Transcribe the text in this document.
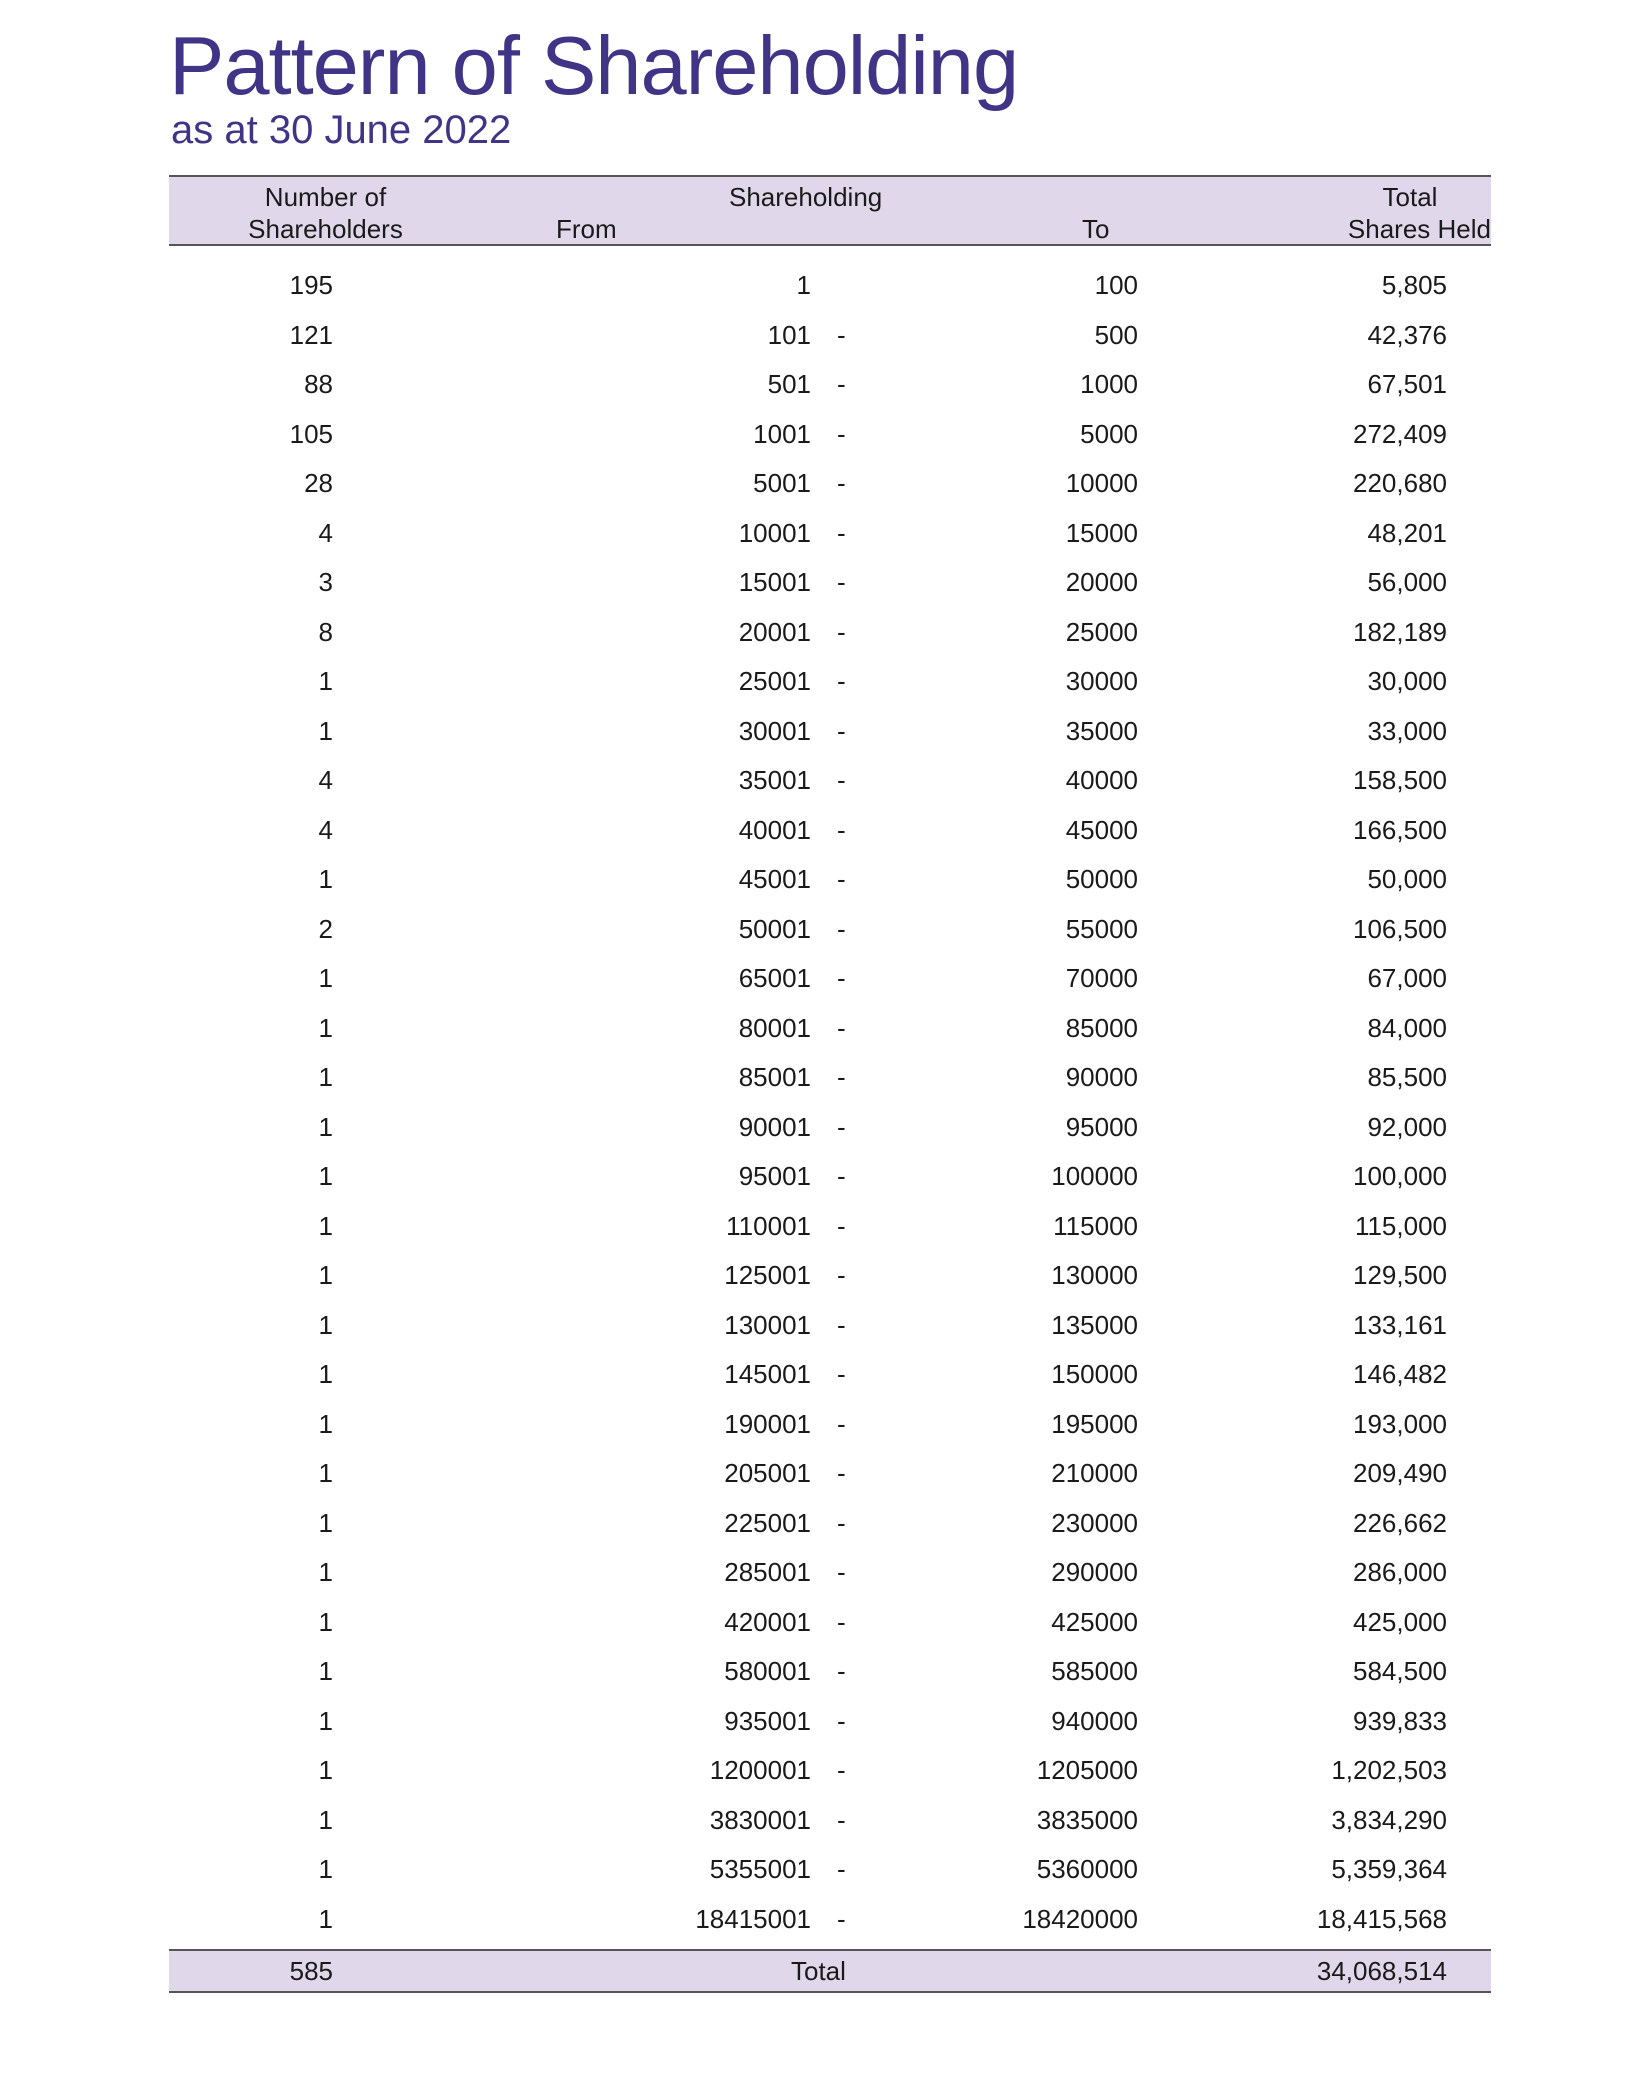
Pattern of Shareholding
as at 30 June 2022
Number of
Shareholders
Shareholding
From	To
Total
Shares Held
195	1	100	5,805
121	101 -	500	42,376
88	501 -	1000	67,501
105	1001 -	5000	272,409
28	5001 -	10000	220,680
4	10001 -	15000	48,201
3	15001 -	20000	56,000
8	20001 -	25000	182,189
1	25001 -	30000	30,000
1	30001 -	35000	33,000
4	35001 -	40000	158,500
4	40001 -	45000	166,500
1	45001 -	50000	50,000
2	50001 -	55000	106,500
1	65001 -	70000	67,000
1	80001 -	85000	84,000
1	85001 -	90000	85,500
1	90001 -	95000	92,000
1	95001 -	100000	100,000
1	110001 -	115000	115,000
1	125001 -	130000	129,500
1	130001 -	135000	133,161
1	145001 -	150000	146,482
1	190001 -	195000	193,000
1	205001 -	210000	209,490
1	225001 -	230000	226,662
1	285001 -	290000	286,000
1	420001 -	425000	425,000
1	580001 -	585000	584,500
1	935001 -	940000	939,833
1	1200001 -	1205000	1,202,503
1	3830001 -	3835000	3,834,290
1	5355001 -	5360000	5,359,364
1	18415001 -	18420000	18,415,568
585	Total	34,068,514
